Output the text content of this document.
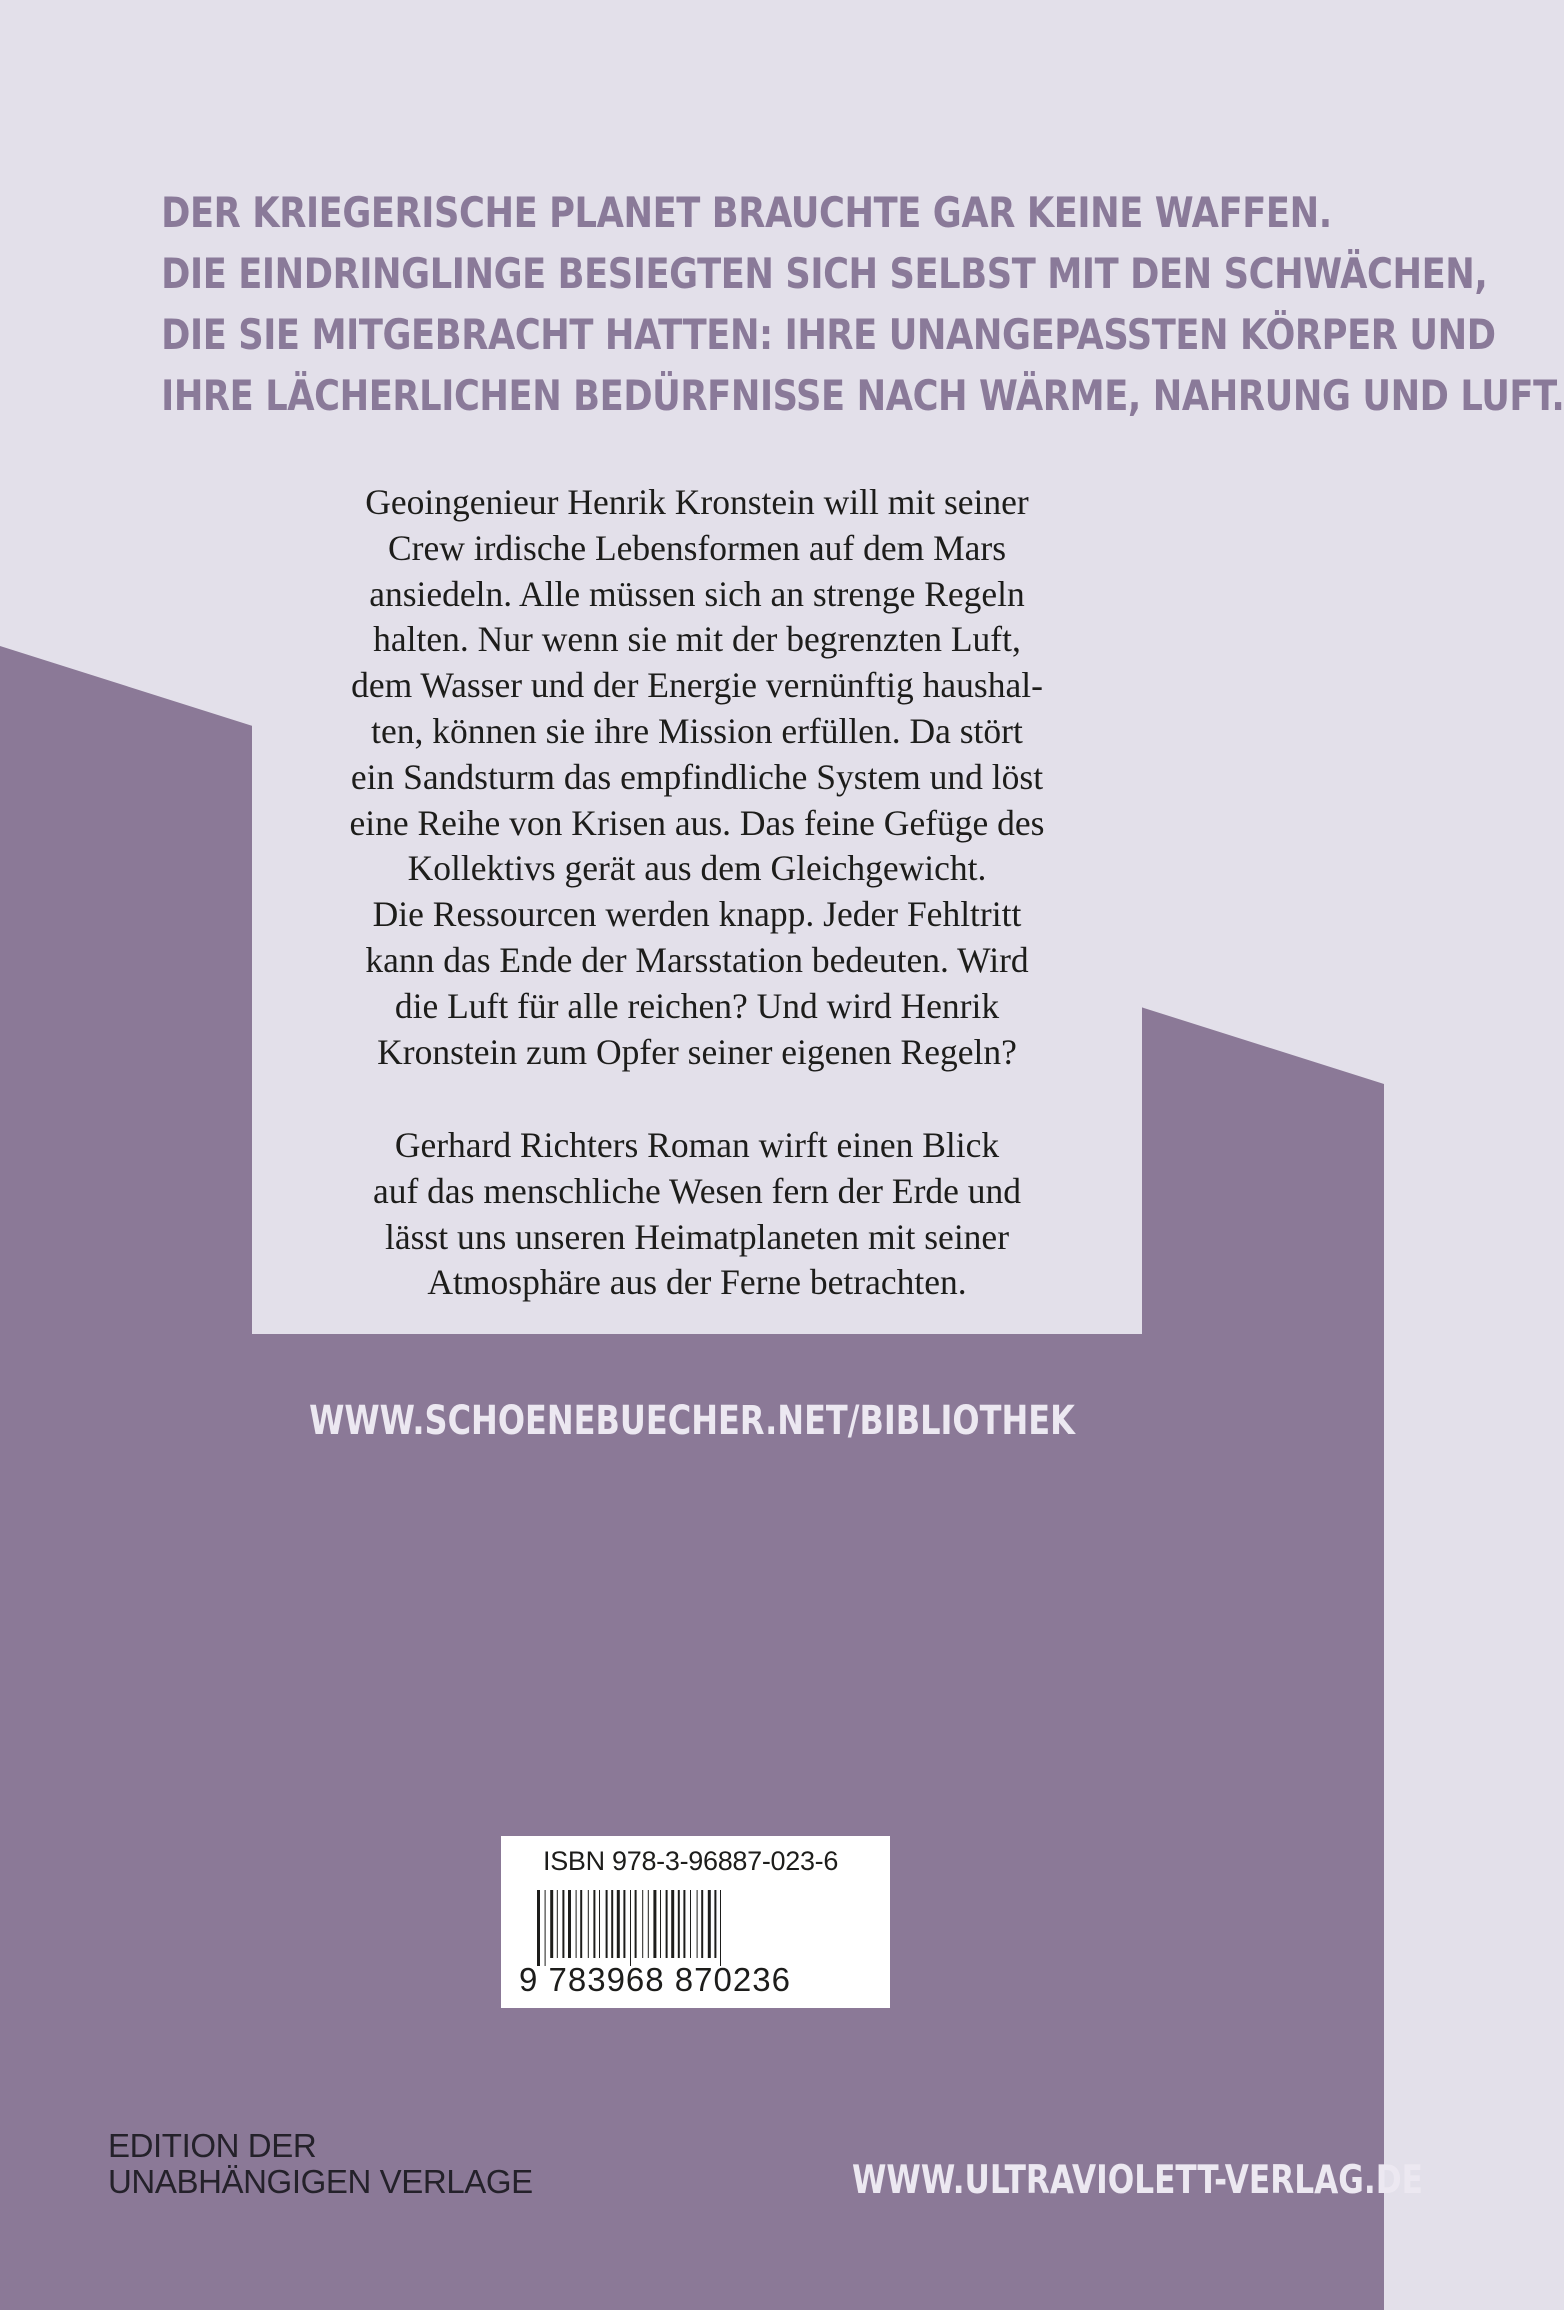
DER KRIEGERISCHE PLANET BRAUCHTE GAR KEINE WAFFEN.
DIE EINDRINGLINGE BESIEGTEN SICH SELBST MIT DEN SCHWÄCHEN,
DIE SIE MITGEBRACHT HATTEN: IHRE UNANGEPASSTEN KÖRPER UND
IHRE LÄCHERLICHEN BEDÜRFNISSE NACH WÄRME, NAHRUNG UND LUFT.
Geoingenieur Henrik Kronstein will mit seiner
Crew irdische Lebensformen auf dem Mars
ansiedeln. Alle müssen sich an strenge Regeln
halten. Nur wenn sie mit der begrenzten Luft,
dem Wasser und der Energie vernünftig haushal-
ten, können sie ihre Mission erfüllen. Da stört
ein Sandsturm das empfindliche System und löst
eine Reihe von Krisen aus. Das feine Gefüge des
Kollektivs gerät aus dem Gleichgewicht.
Die Ressourcen werden knapp. Jeder Fehltritt
kann das Ende der Marsstation bedeuten. Wird
die Luft für alle reichen? Und wird Henrik
Kronstein zum Opfer seiner eigenen Regeln?
Gerhard Richters Roman wirft einen Blick
auf das menschliche Wesen fern der Erde und
lässt uns unseren Heimatplaneten mit seiner
Atmosphäre aus der Ferne betrachten.
WWW.SCHOENEBUECHER.NET/BIBLIOTHEK
ISBN 978-3-96887-023-6
9 783968 870236
EDITION DER
UNABHÄNGIGEN VERLAGE	WWW.ULTRAVIOLETT-VERLAG.DE
